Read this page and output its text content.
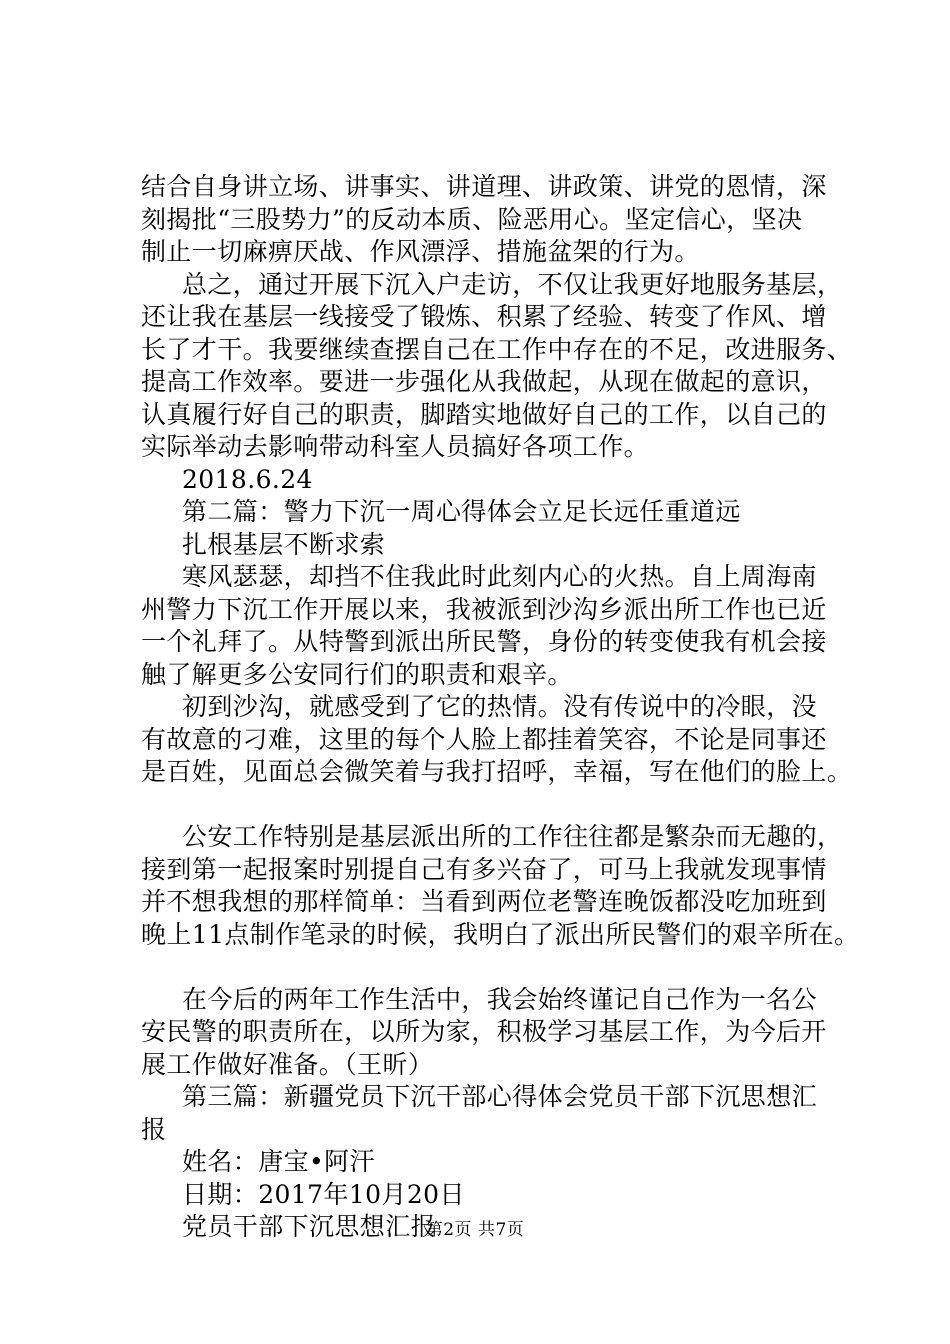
结合自身讲立场、讲事实、讲道理、讲政策、讲党的恩情，深
刻揭批“三股势力”的反动本质、险恶用心。坚定信心，坚决
制止一切麻痹厌战、作风漂浮、措施盆架的行为。
总之，通过开展下沉入户走访，不仅让我更好地服务基层，
还让我在基层一线接受了锻炼、积累了经验、转变了作风、增
长了才干。我要继续查摆自己在工作中存在的不足，改进服务、
提高工作效率。要进一步强化从我做起，从现在做起的意识，
认真履行好自己的职责，脚踏实地做好自己的工作，以自己的
实际举动去影响带动科室人员搞好各项工作。
2018.6.24
第二篇：警力下沉一周心得体会立足长远任重道远
扎根基层不断求索
寒风瑟瑟，却挡不住我此时此刻内心的火热。自上周海南
州警力下沉工作开展以来，我被派到沙沟乡派出所工作也已近
一个礼拜了。从特警到派出所民警，身份的转变使我有机会接
触了解更多公安同行们的职责和艰辛。
初到沙沟，就感受到了它的热情。没有传说中的冷眼，没
有故意的刁难，这里的每个人脸上都挂着笑容，不论是同事还
是百姓，见面总会微笑着与我打招呼，幸福，写在他们的脸上。
公安工作特别是基层派出所的工作往往都是繁杂而无趣的，
接到第一起报案时别提自己有多兴奋了，可马上我就发现事情
并不想我想的那样简单：当看到两位老警连晚饭都没吃加班到
晚上11点制作笔录的时候，我明白了派出所民警们的艰辛所在。
在今后的两年工作生活中，我会始终谨记自己作为一名公
安民警的职责所在，以所为家，积极学习基层工作，为今后开
展工作做好准备。（王昕）
第三篇：新疆党员下沉干部心得体会党员干部下沉思想汇
报
姓名：唐宝•阿汗
日期：2017年10月20日
党员干部下沉思想汇报
第2页 共7页
